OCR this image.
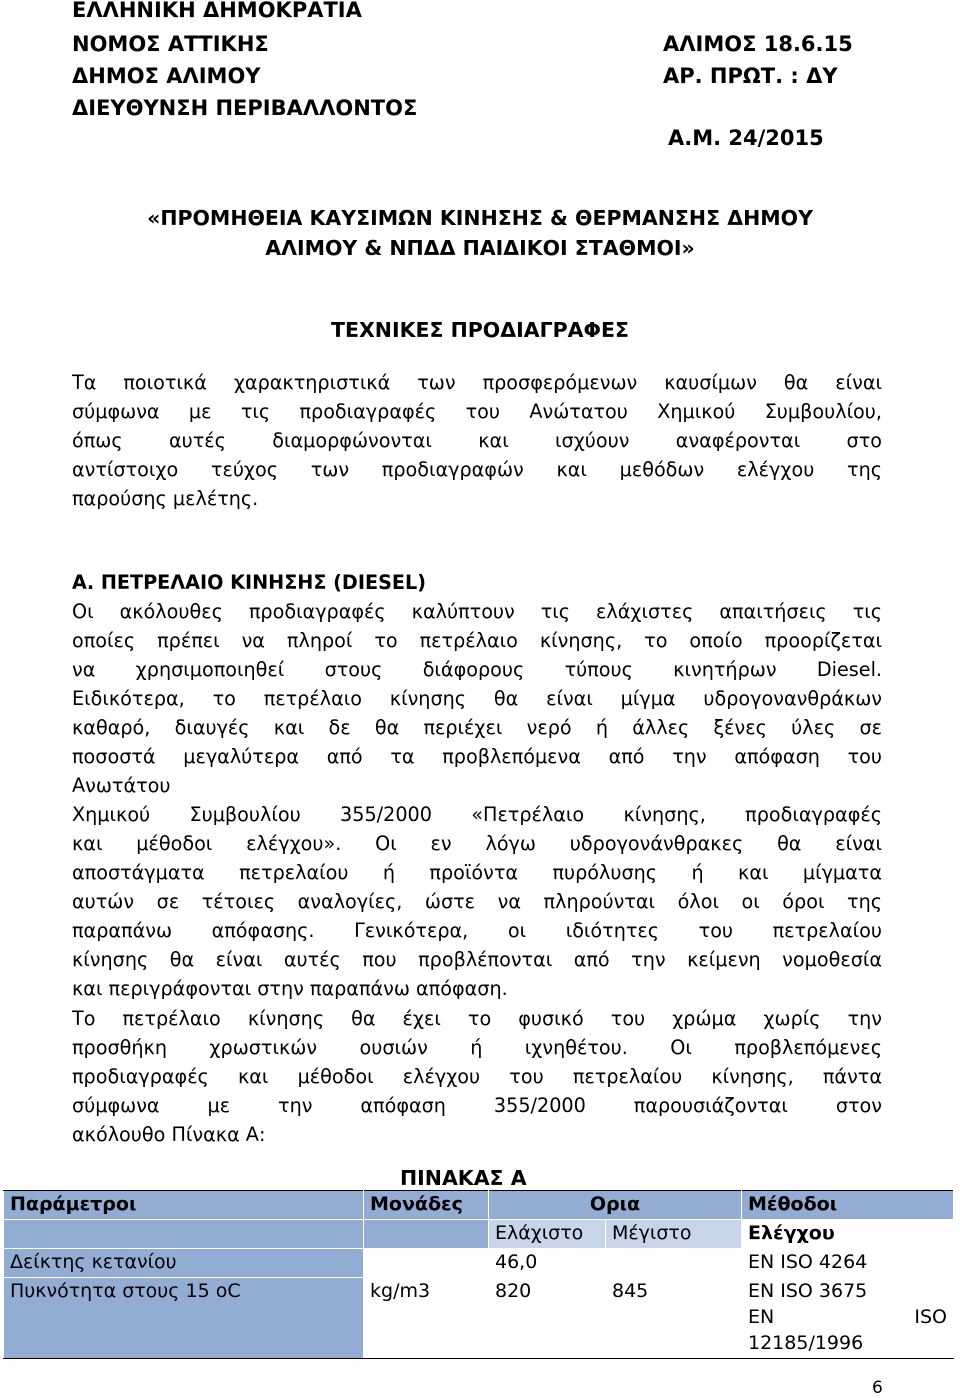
ΕΛΛΗΝΙΚΗ ΔΗΜΟΚΡΑΤΙΑ
ΝΟΜΟΣ ΑΤΤΙΚΗΣ
ΔΗΜΟΣ ΑΛΙΜΟΥ
ΔΙΕΥΘΥΝΣΗ ΠΕΡΙΒΑΛΛΟΝΤΟΣ
ΑΛΙΜΟΣ 18.6.15
ΑΡ. ΠΡΩΤ. : ΔΥ
Α.Μ. 24/2015
«ΠΡΟΜΗΘΕΙΑ ΚΑΥΣΙΜΩΝ ΚΙΝΗΣΗΣ & ΘΕΡΜΑΝΣΗΣ ΔΗΜΟΥ
ΑΛΙΜΟΥ & ΝΠΔΔ ΠΑΙΔΙΚΟΙ ΣΤΑΘΜΟΙ»
ΤΕΧΝΙΚΕΣ ΠΡΟΔΙΑΓΡΑΦΕΣ
Τα ποιοτικά χαρακτηριστικά των προσφερόμενων καυσίμων θα είναι
σύμφωνα με τις προδιαγραφές του Ανώτατου Χημικού Συμβουλίου,
όπως αυτές διαμορφώνονται και ισχύουν αναφέρονται στο
αντίστοιχο τεύχος των προδιαγραφών και μεθόδων ελέγχου της
παρούσης μελέτης.
Α. ΠΕΤΡΕΛΑΙΟ ΚΙΝΗΣΗΣ (DIESEL)
Οι ακόλουθες προδιαγραφές καλύπτουν τις ελάχιστες απαιτήσεις τις
οποίες πρέπει να πληροί το πετρέλαιο κίνησης, το οποίο προορίζεται
να χρησιμοποιηθεί στους διάφορους τύπους κινητήρων Diesel.
Ειδικότερα, το πετρέλαιο κίνησης θα είναι μίγμα υδρογονανθράκων
καθαρό, διαυγές και δε θα περιέχει νερό ή άλλες ξένες ύλες σε
ποσοστά μεγαλύτερα από τα προβλεπόμενα από την απόφαση του
Ανωτάτου
Χημικού Συμβουλίου 355/2000 «Πετρέλαιο κίνησης, προδιαγραφές
και μέθοδοι ελέγχου». Οι εν λόγω υδρογονάνθρακες θα είναι
αποστάγματα πετρελαίου ή προϊόντα πυρόλυσης ή και μίγματα
αυτών σε τέτοιες αναλογίες, ώστε να πληρούνται όλοι οι όροι της
παραπάνω απόφασης. Γενικότερα, οι ιδιότητες του πετρελαίου
κίνησης θα είναι αυτές που προβλέπονται από την κείμενη νομοθεσία
και περιγράφονται στην παραπάνω απόφαση.
Το πετρέλαιο κίνησης θα έχει το φυσικό του χρώμα χωρίς την
προσθήκη χρωστικών ουσιών ή ιχνηθέτου. Οι προβλεπόμενες
προδιαγραφές και μέθοδοι ελέγχου του πετρελαίου κίνησης, πάντα
σύμφωνα με την απόφαση 355/2000 παρουσιάζονται στον
ακόλουθο Πίνακα Α:
ΠΙΝΑΚΑΣ Α
Παράμετροι	Μονάδες	Ορια		Μέθοδοι
		Ελάχιστο	Μέγιστο	Ελέγχου
Δείκτης κετανίου		46,0		EN ISO 4264
Πυκνότητα στους 15 oC	kg/m3	820	845	EN ISO 3675
EN ISO
12185/1996
6
